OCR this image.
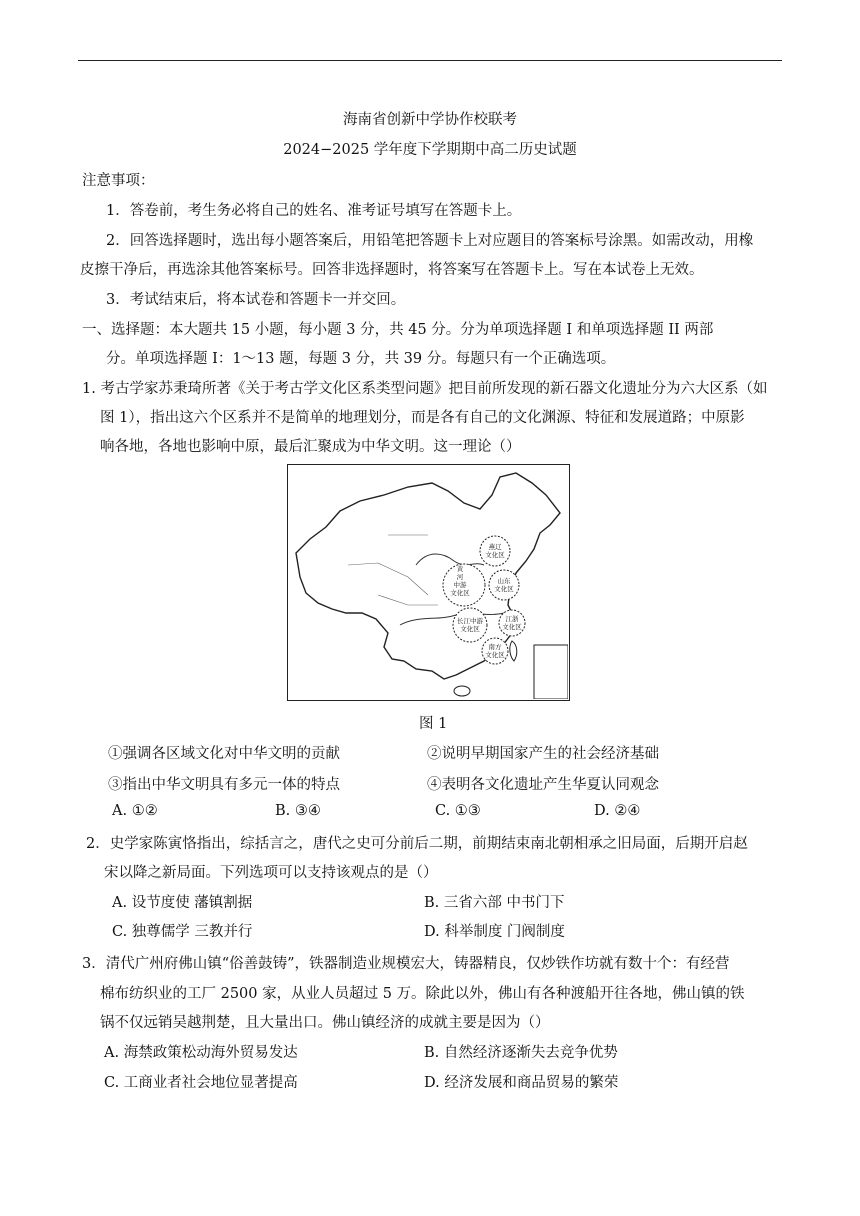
海南省创新中学协作校联考
2024−2025 学年度下学期期中高二历史试题
注意事项：
1．答卷前，考生务必将自己的姓名、准考证号填写在答题卡上。
2．回答选择题时，选出每小题答案后，用铅笔把答题卡上对应题目的答案标号涂黑。如需改动，用橡
皮擦干净后，再选涂其他答案标号。回答非选择题时，将答案写在答题卡上。写在本试卷上无效。
3．考试结束后，将本试卷和答题卡一并交回。
一、选择题：本大题共 15 小题，每小题 3 分，共 45 分。分为单项选择题 I 和单项选择题 II 两部
分。单项选择题 I：1～13 题，每题 3 分，共 39 分。每题只有一个正确选项。
1. 考古学家苏秉琦所著《关于考古学文化区系类型问题》把目前所发现的新石器文化遗址分为六大区系（如
图 1），指出这六个区系并不是简单的地理划分，而是各有自己的文化渊源、特征和发展道路；中原影
响各地，各地也影响中原，最后汇聚成为中华文明。这一理论（）
燕辽
文化区
黄
河
中游
文化区
山东
文化区
长江中游
文化区
江浙
文化区
南方
文化区
图 1
①强调各区域文化对中华文明的贡献	②说明早期国家产生的社会经济基础
③指出中华文明具有多元一体的特点	④表明各文化遗址产生华夏认同观念
A. ①②	B. ③④	C. ①③	D. ②④
2．史学家陈寅恪指出，综括言之，唐代之史可分前后二期，前期结束南北朝相承之旧局面，后期开启赵
宋以降之新局面。下列选项可以支持该观点的是（）
A. 设节度使 藩镇割据	B. 三省六部 中书门下
C. 独尊儒学 三教并行	D. 科举制度 门阀制度
3．清代广州府佛山镇“俗善鼓铸”，铁器制造业规模宏大，铸器精良，仅炒铁作坊就有数十个：有经营
棉布纺织业的工厂 2500 家，从业人员超过 5 万。除此以外，佛山有各种渡船开往各地，佛山镇的铁
锅不仅远销吴越荆楚，且大量出口。佛山镇经济的成就主要是因为（）
A. 海禁政策松动海外贸易发达	B. 自然经济逐渐失去竞争优势
C. 工商业者社会地位显著提高	D. 经济发展和商品贸易的繁荣
